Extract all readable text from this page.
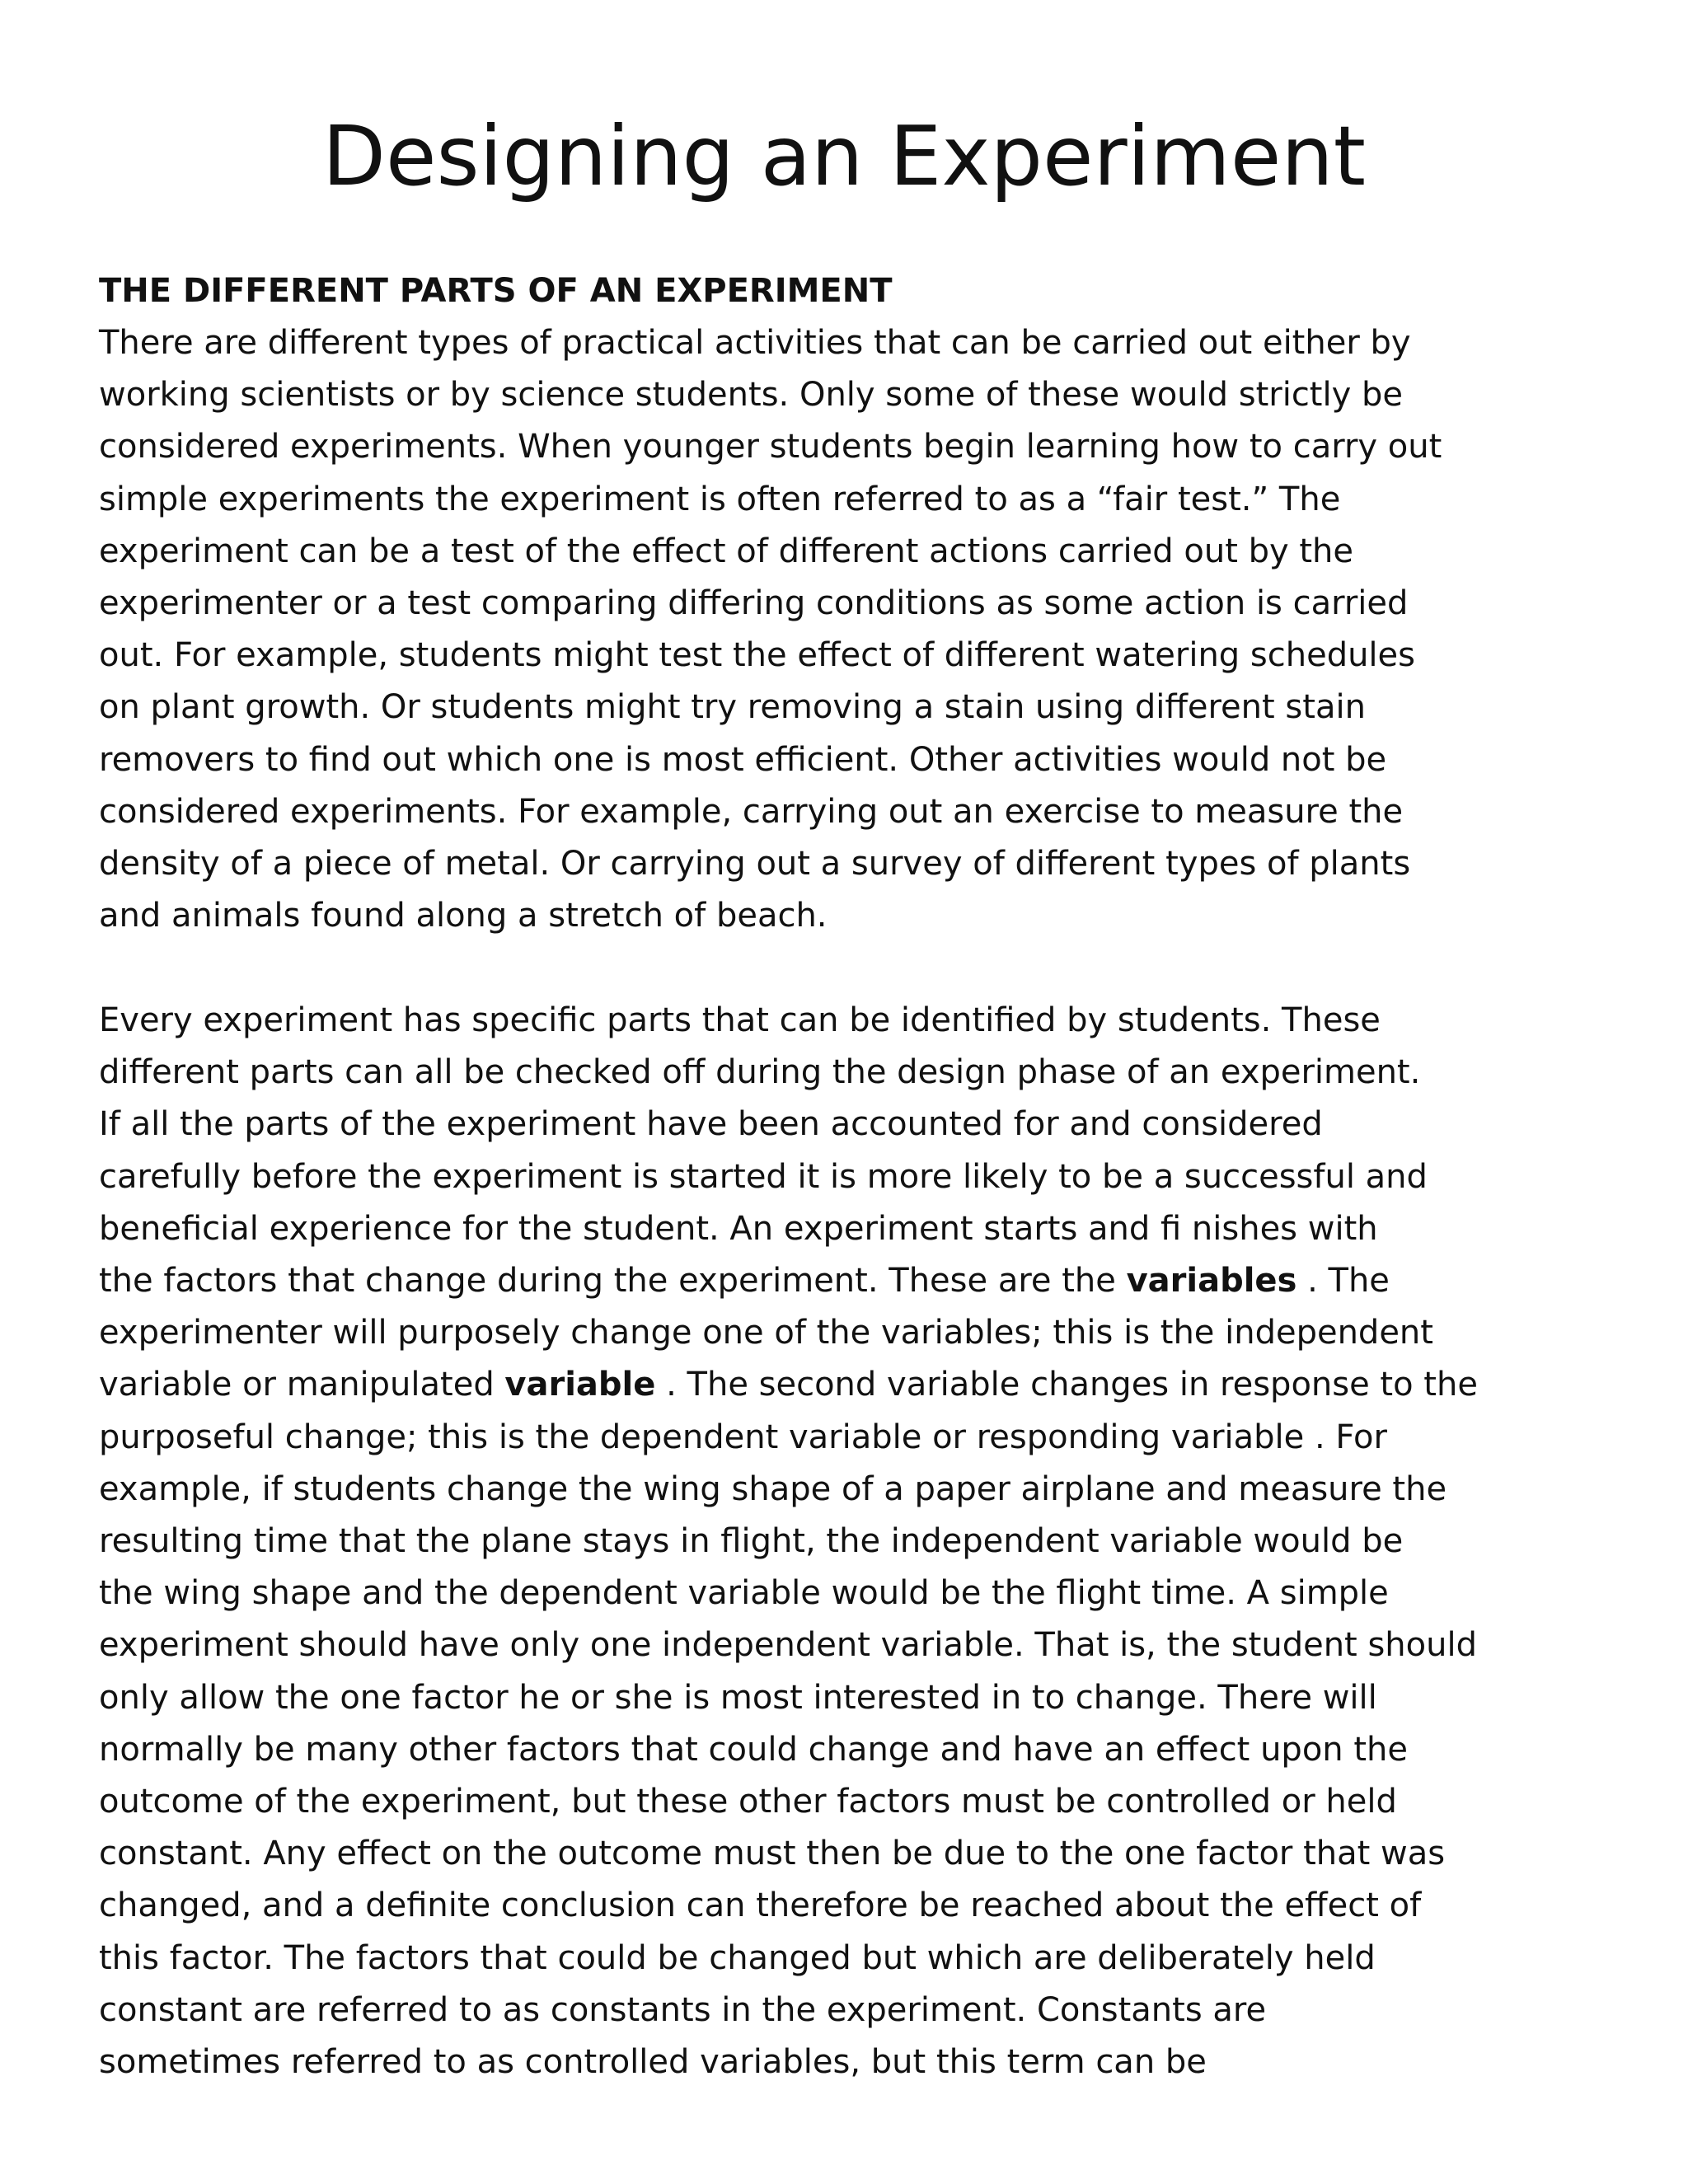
Designing an Experiment
THE DIFFERENT PARTS OF AN EXPERIMENT
There are different types of practical activities that can be carried out either by
working scientists or by science students. Only some of these would strictly be
considered experiments. When younger students begin learning how to carry out
simple experiments the experiment is often referred to as a “fair test.” The
experiment can be a test of the effect of different actions carried out by the
experimenter or a test comparing differing conditions as some action is carried
out. For example, students might test the effect of different watering schedules
on plant growth. Or students might try removing a stain using different stain
removers to find out which one is most efficient. Other activities would not be
considered experiments. For example, carrying out an exercise to measure the
density of a piece of metal. Or carrying out a survey of different types of plants
and animals found along a stretch of beach.
Every experiment has specific parts that can be identified by students. These
different parts can all be checked off during the design phase of an experiment.
If all the parts of the experiment have been accounted for and considered
carefully before the experiment is started it is more likely to be a successful and
beneficial experience for the student. An experiment starts and fi nishes with
the factors that change during the experiment. These are the variables . The
experimenter will purposely change one of the variables; this is the independent
variable or manipulated variable . The second variable changes in response to the
purposeful change; this is the dependent variable or responding variable . For
example, if students change the wing shape of a paper airplane and measure the
resulting time that the plane stays in flight, the independent variable would be
the wing shape and the dependent variable would be the flight time. A simple
experiment should have only one independent variable. That is, the student should
only allow the one factor he or she is most interested in to change. There will
normally be many other factors that could change and have an effect upon the
outcome of the experiment, but these other factors must be controlled or held
constant. Any effect on the outcome must then be due to the one factor that was
changed, and a definite conclusion can therefore be reached about the effect of
this factor. The factors that could be changed but which are deliberately held
constant are referred to as constants in the experiment. Constants are
sometimes referred to as controlled variables, but this term can be
